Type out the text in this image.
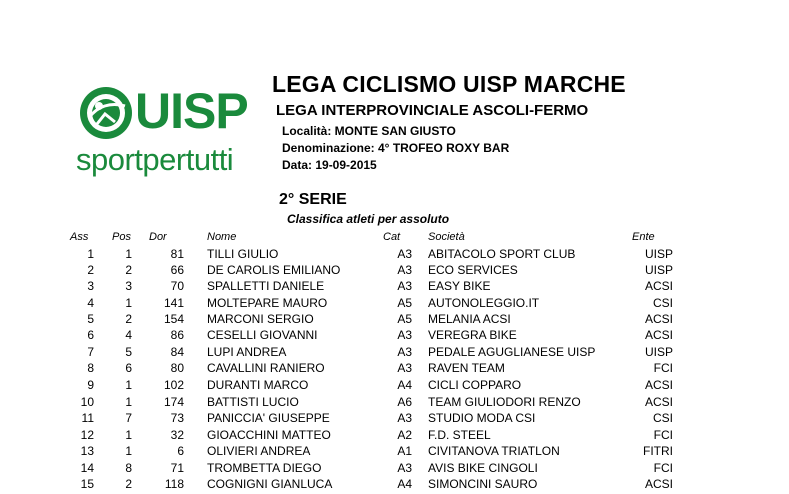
UISP
sportpertutti
LEGA CICLISMO UISP MARCHE
LEGA INTERPROVINCIALE ASCOLI-FERMO
Località: MONTE SAN GIUSTO
Denominazione: 4° TROFEO ROXY BAR
Data: 19-09-2015
2° SERIE
Classifica atleti per assoluto
Ass Pos Dor	Nome	Cat	Società	Ente
1	1	81 TILLI GIULIO	A3 ABITACOLO SPORT CLUB	UISP
2	2	66 DE CAROLIS EMILIANO	A3 ECO SERVICES	UISP
3	3	70 SPALLETTI DANIELE	A3 EASY BIKE	ACSI
4	1	141 MOLTEPARE MAURO	A5 AUTONOLEGGIO.IT	CSI
5	2	154 MARCONI SERGIO	A5 MELANIA ACSI	ACSI
6	4	86 CESELLI GIOVANNI	A3 VEREGRA BIKE	ACSI
7	5	84 LUPI ANDREA	A3 PEDALE AGUGLIANESE UISP	UISP
8	6	80 CAVALLINI RANIERO	A3 RAVEN TEAM	FCI
9	1	102 DURANTI MARCO	A4 CICLI COPPARO	ACSI
10	1	174 BATTISTI LUCIO	A6 TEAM GIULIODORI RENZO	ACSI
11	7	73 PANICCIA' GIUSEPPE	A3 STUDIO MODA CSI	CSI
12	1	32 GIOACCHINI MATTEO	A2 F.D. STEEL	FCI
13	1	6 OLIVIERI ANDREA	A1 CIVITANOVA TRIATLON	FITRI
14	8	71 TROMBETTA DIEGO	A3 AVIS BIKE CINGOLI	FCI
15	2	118 COGNIGNI GIANLUCA	A4 SIMONCINI SAURO	ACSI
